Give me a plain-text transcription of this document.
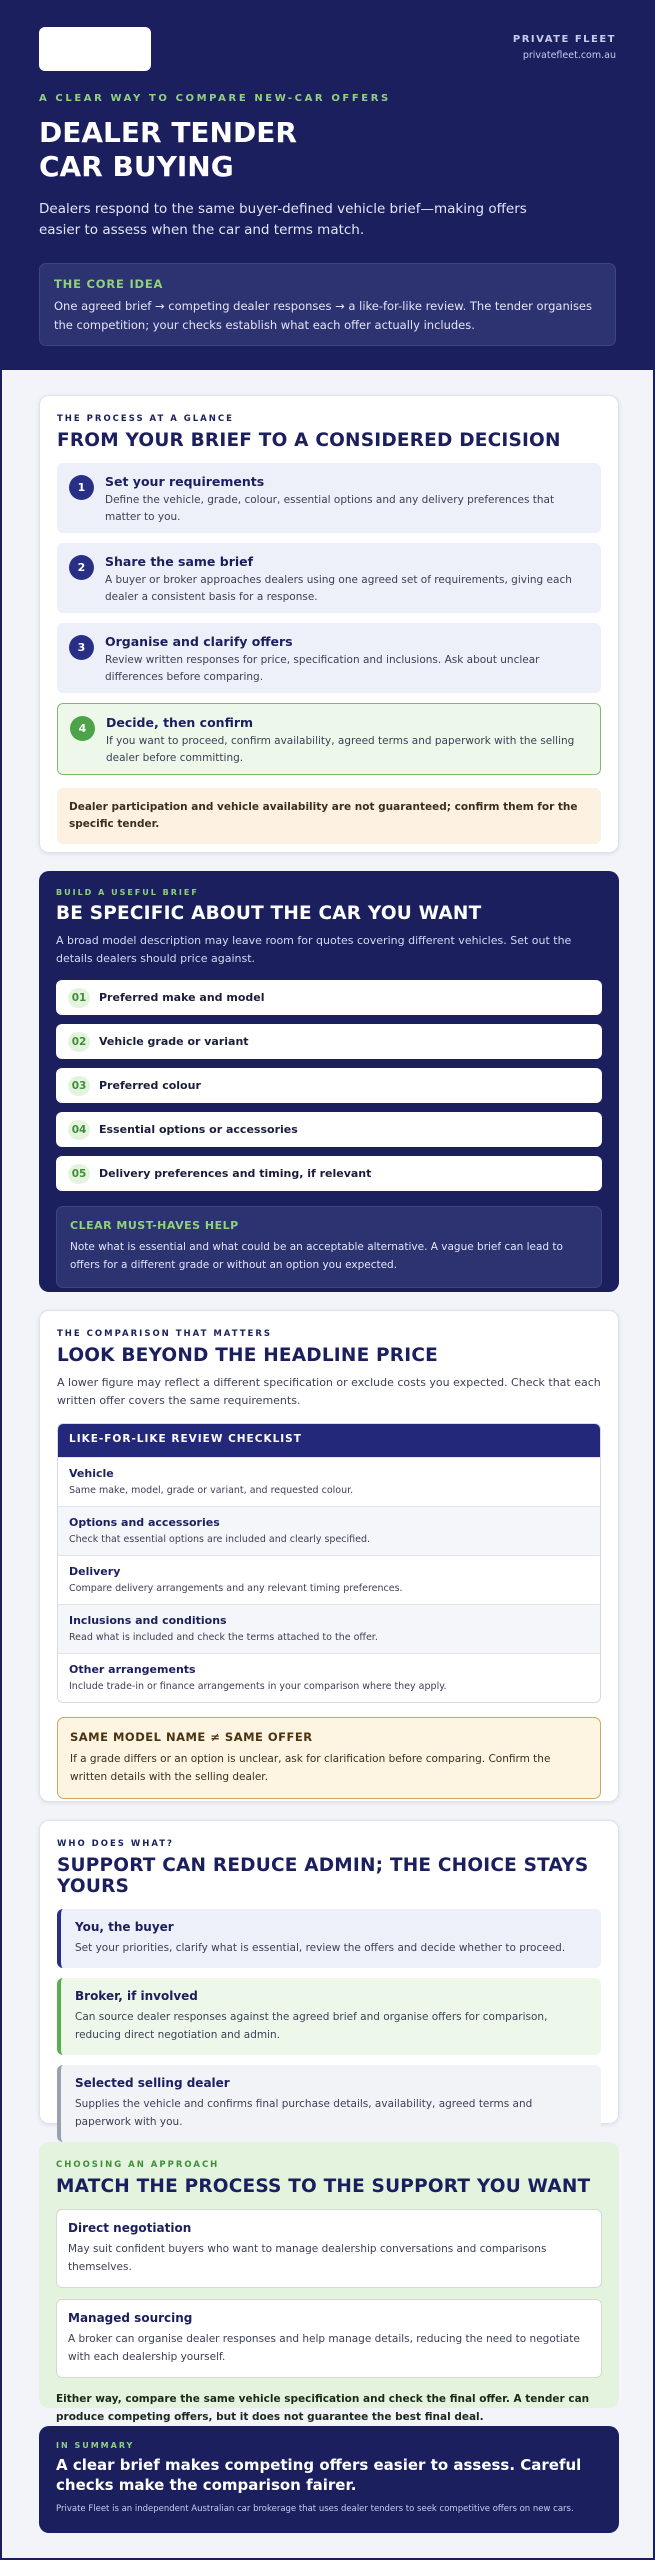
PRIVATE FLEET
privatefleet.com.au
A CLEAR WAY TO COMPARE NEW-CAR OFFERS
DEALER TENDER CAR BUYING

Dealers respond to the same buyer-defined vehicle brief—making offers easier to assess when the car and terms match.

THE CORE IDEA
One agreed brief → competing dealer responses → a like-for-like review. The tender organises the competition; your checks establish what each offer actually includes.
THE PROCESS AT A GLANCE
FROM YOUR BRIEF TO A CONSIDERED DECISION
1	Set your requirements
Define the vehicle, grade, colour, essential options and any delivery preferences that matter to you.
2	Share the same brief
A buyer or broker approaches dealers using one agreed set of requirements, giving each dealer a consistent basis for a response.
3	Organise and clarify offers
Review written responses for price, specification and inclusions. Ask about unclear differences before comparing.
4	Decide, then confirm
If you want to proceed, confirm availability, agreed terms and paperwork with the selling dealer before committing.
Dealer participation and vehicle availability are not guaranteed; confirm them for the specific tender.
BUILD A USEFUL BRIEF
BE SPECIFIC ABOUT THE CAR YOU WANT

A broad model description may leave room for quotes covering different vehicles. Set out the details dealers should price against.

01	Preferred make and model
02	Vehicle grade or variant
03	Preferred colour
04	Essential options or accessories
05	Delivery preferences and timing, if relevant
CLEAR MUST-HAVES HELP
Note what is essential and what could be an acceptable alternative. A vague brief can lead to offers for a different grade or without an option you expected.
THE COMPARISON THAT MATTERS
LOOK BEYOND THE HEADLINE PRICE

A lower figure may reflect a different specification or exclude costs you expected. Check that each written offer covers the same requirements.

LIKE-FOR-LIKE REVIEW CHECKLIST
Vehicle
Same make, model, grade or variant, and requested colour.
Options and accessories
Check that essential options are included and clearly specified.
Delivery
Compare delivery arrangements and any relevant timing preferences.
Inclusions and conditions
Read what is included and check the terms attached to the offer.
Other arrangements
Include trade-in or finance arrangements in your comparison where they apply.
SAME MODEL NAME ≠ SAME OFFER
If a grade differs or an option is unclear, ask for clarification before comparing. Confirm the written details with the selling dealer.
WHO DOES WHAT?
SUPPORT CAN REDUCE ADMIN; THE CHOICE STAYS YOURS
You, the buyer
Set your priorities, clarify what is essential, review the offers and decide whether to proceed.
Broker, if involved
Can source dealer responses against the agreed brief and organise offers for comparison, reducing direct negotiation and admin.
Selected selling dealer
Supplies the vehicle and confirms final purchase details, availability, agreed terms and paperwork with you.
CHOOSING AN APPROACH
MATCH THE PROCESS TO THE SUPPORT YOU WANT
Direct negotiation
May suit confident buyers who want to manage dealership conversations and comparisons themselves.
Managed sourcing
A broker can organise dealer responses and help manage details, reducing the need to negotiate with each dealership yourself.

Either way, compare the same vehicle specification and check the final offer. A tender can produce competing offers, but it does not guarantee the best final deal.

IN SUMMARY
A clear brief makes competing offers easier to assess. Careful checks make the comparison fairer.
Private Fleet is an independent Australian car brokerage that uses dealer tenders to seek competitive offers on new cars.
